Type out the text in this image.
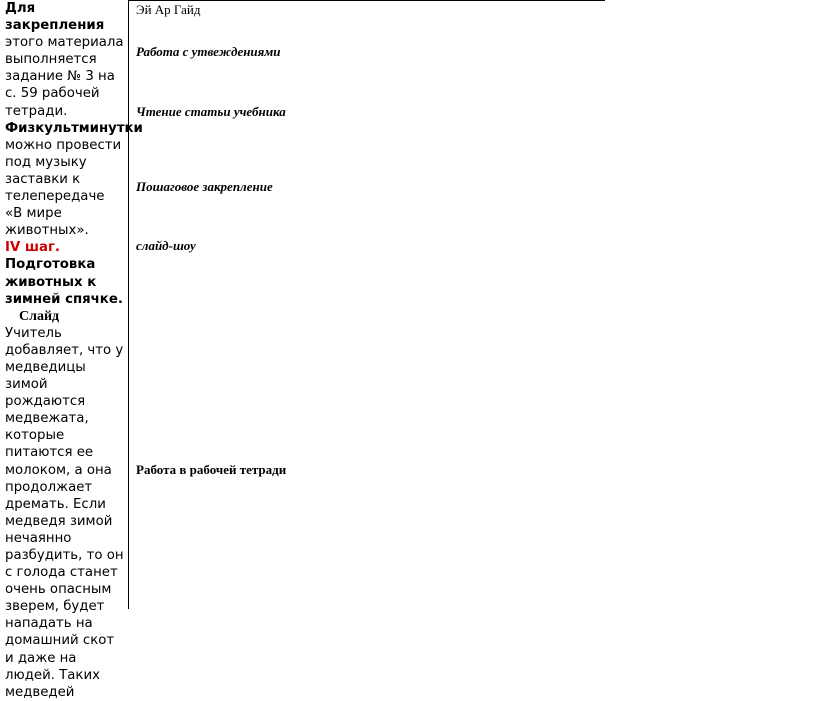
Для закрепления этого материала выполняется задание № 3 на с. 59 рабочей тетради.

Физкультминутки можно провести под музыку заставки к телепередаче «В мире животных».

IV шаг. Подготовка животных к зимней спячке.

Слайд

Учитель добавляет, что у медведицы зимой рождаются медвежата, которые питаются ее молоком, а она продолжает дремать. Если медведя зимой нечаянно разбудить, то он с голода станет очень опасным зверем, будет нападать на домашний скот и даже на людей. Таких медведей

Эй Ар Гайд
Работа с утвеждениями
Чтение статьи учебника
Пошаговое закрепление
слайд-шоу
Работа в рабочей тетради
